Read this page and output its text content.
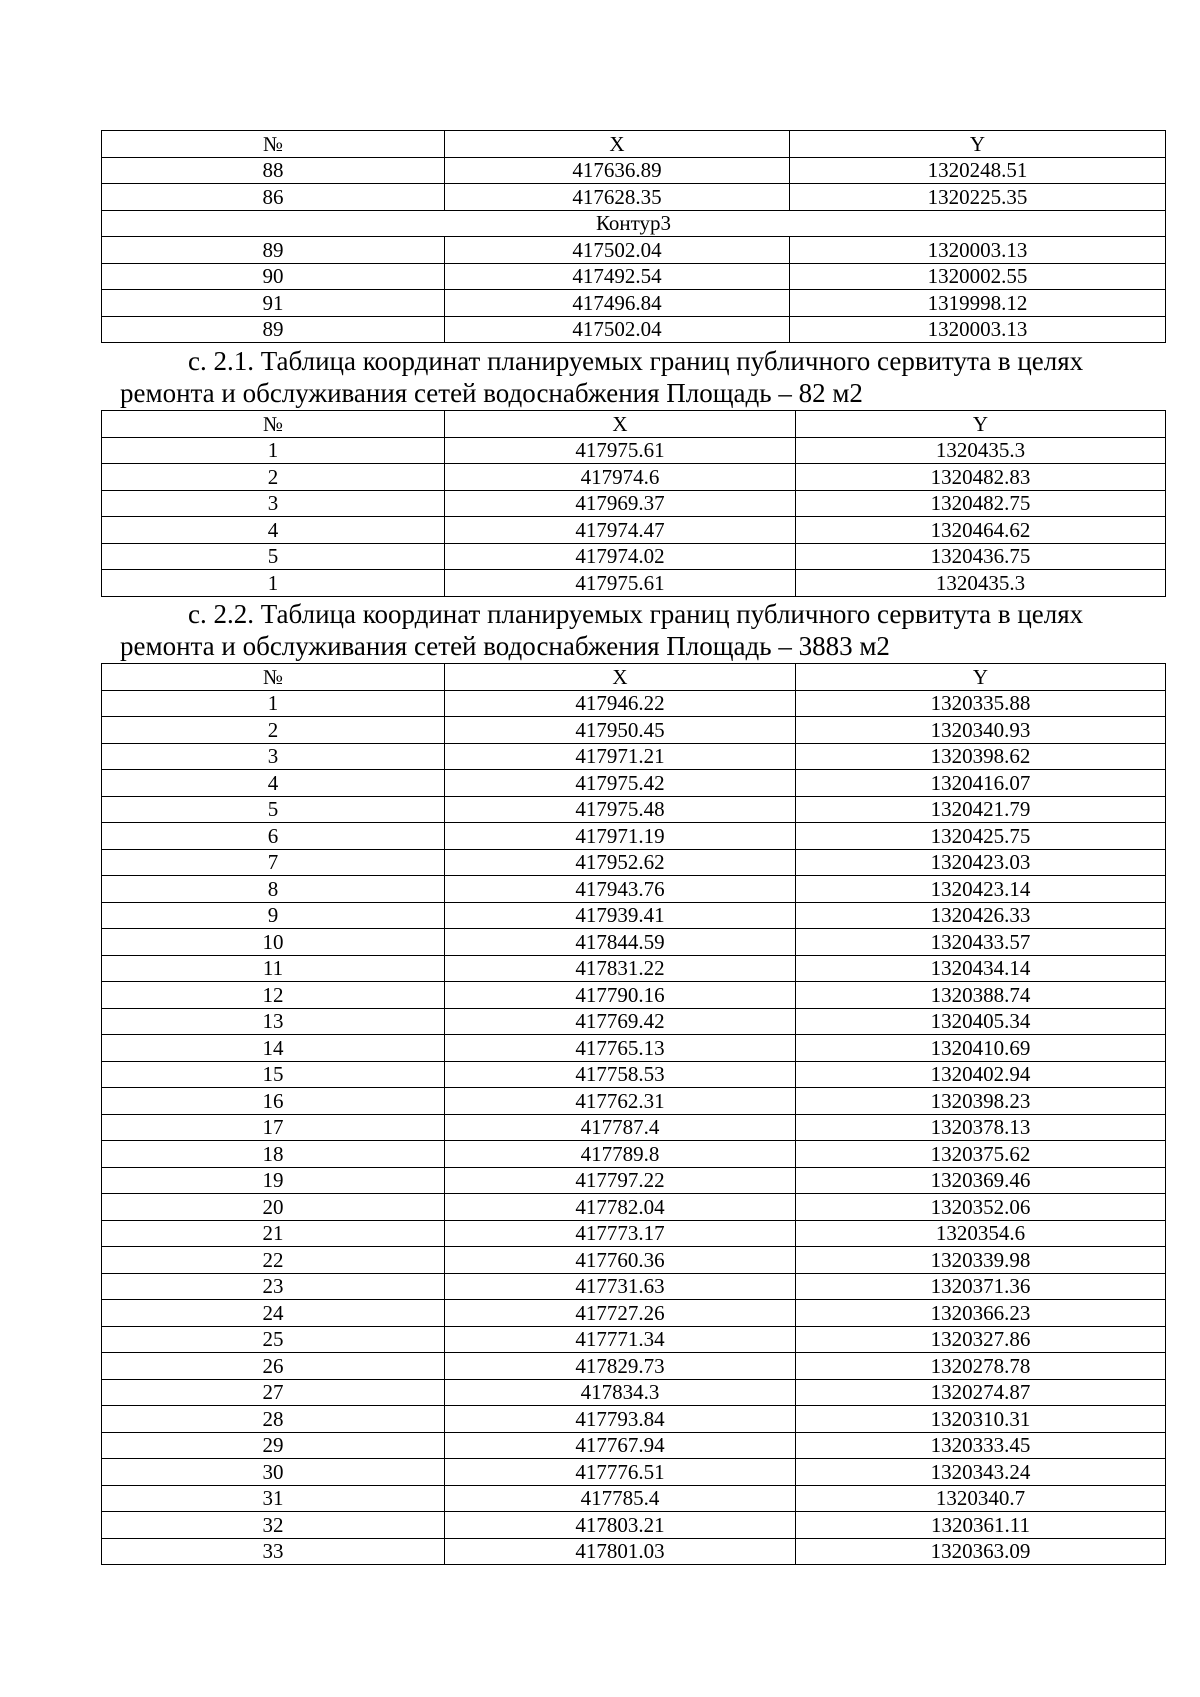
№	X	Y
88	417636.89	1320248.51
86	417628.35	1320225.35
Контур3		
89	417502.04	1320003.13
90	417492.54	1320002.55
91	417496.84	1319998.12
89	417502.04	1320003.13

с. 2.1. Таблица координат планируемых границ публичного сервитута в целях ремонта и обслуживания сетей водоснабжения Площадь – 82 м2

№	X	Y
1	417975.61	1320435.3
2	417974.6	1320482.83
3	417969.37	1320482.75
4	417974.47	1320464.62
5	417974.02	1320436.75
1	417975.61	1320435.3

с. 2.2. Таблица координат планируемых границ публичного сервитута в целях ремонта и обслуживания сетей водоснабжения Площадь – 3883 м2

№	X	Y
1	417946.22	1320335.88
2	417950.45	1320340.93
3	417971.21	1320398.62
4	417975.42	1320416.07
5	417975.48	1320421.79
6	417971.19	1320425.75
7	417952.62	1320423.03
8	417943.76	1320423.14
9	417939.41	1320426.33
10	417844.59	1320433.57
11	417831.22	1320434.14
12	417790.16	1320388.74
13	417769.42	1320405.34
14	417765.13	1320410.69
15	417758.53	1320402.94
16	417762.31	1320398.23
17	417787.4	1320378.13
18	417789.8	1320375.62
19	417797.22	1320369.46
20	417782.04	1320352.06
21	417773.17	1320354.6
22	417760.36	1320339.98
23	417731.63	1320371.36
24	417727.26	1320366.23
25	417771.34	1320327.86
26	417829.73	1320278.78
27	417834.3	1320274.87
28	417793.84	1320310.31
29	417767.94	1320333.45
30	417776.51	1320343.24
31	417785.4	1320340.7
32	417803.21	1320361.11
33	417801.03	1320363.09
